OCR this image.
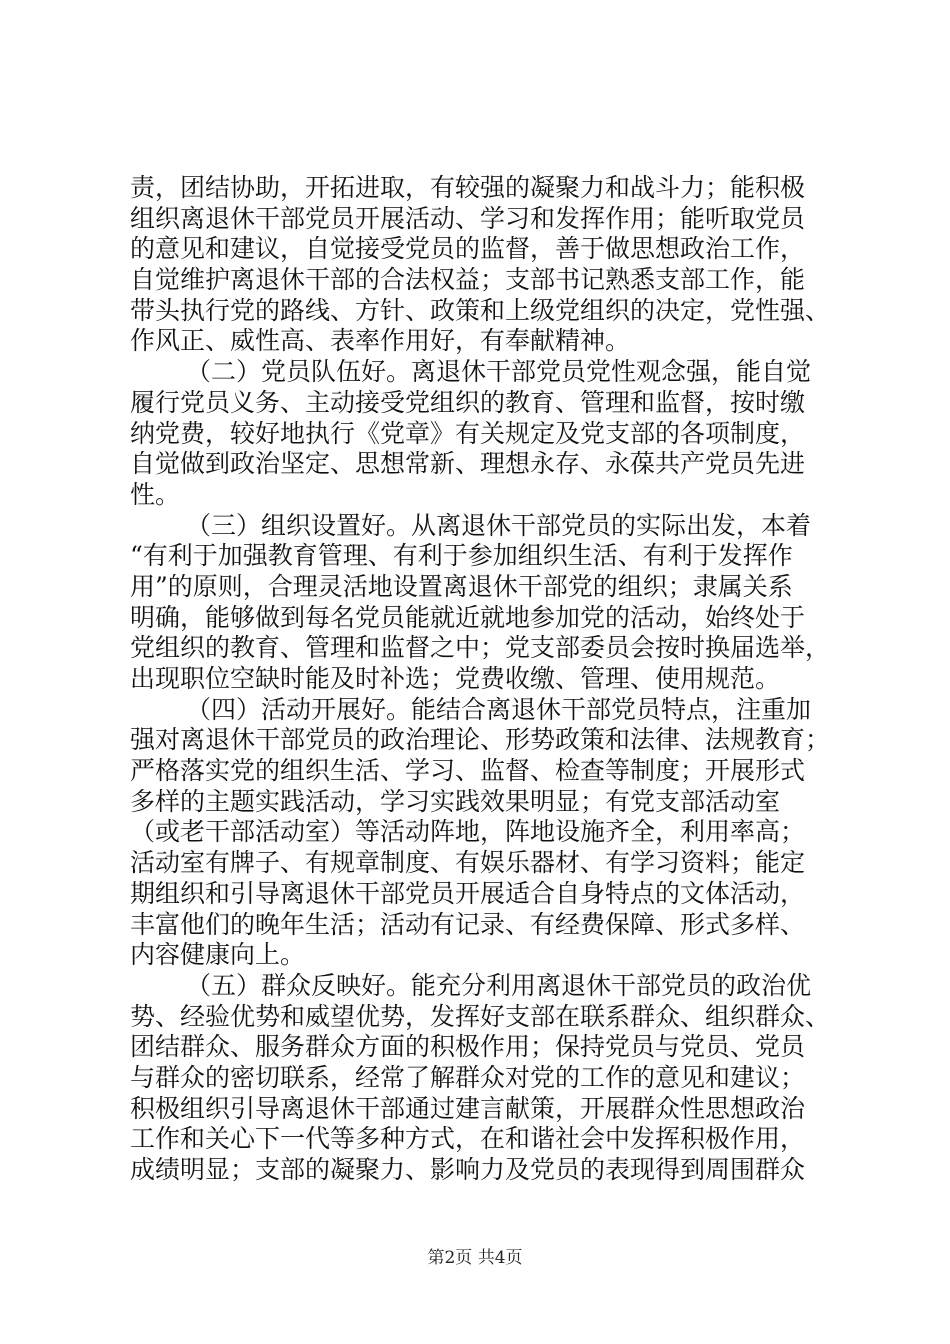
责，团结协助，开拓进取，有较强的凝聚力和战斗力；能积极
组织离退休干部党员开展活动、学习和发挥作用；能听取党员
的意见和建议，自觉接受党员的监督，善于做思想政治工作，
自觉维护离退休干部的合法权益；支部书记熟悉支部工作，能
带头执行党的路线、方针、政策和上级党组织的决定，党性强、
作风正、威性高、表率作用好，有奉献精神。
（二）党员队伍好。离退休干部党员党性观念强，能自觉
履行党员义务、主动接受党组织的教育、管理和监督，按时缴
纳党费，较好地执行《党章》有关规定及党支部的各项制度，
自觉做到政治坚定、思想常新、理想永存、永葆共产党员先进
性。
（三）组织设置好。从离退休干部党员的实际出发，本着
“有利于加强教育管理、有利于参加组织生活、有利于发挥作
用”的原则，合理灵活地设置离退休干部党的组织；隶属关系
明确，能够做到每名党员能就近就地参加党的活动，始终处于
党组织的教育、管理和监督之中；党支部委员会按时换届选举，
出现职位空缺时能及时补选；党费收缴、管理、使用规范。
（四）活动开展好。能结合离退休干部党员特点，注重加
强对离退休干部党员的政治理论、形势政策和法律、法规教育；
严格落实党的组织生活、学习、监督、检查等制度；开展形式
多样的主题实践活动，学习实践效果明显；有党支部活动室
（或老干部活动室）等活动阵地，阵地设施齐全，利用率高；
活动室有牌子、有规章制度、有娱乐器材、有学习资料；能定
期组织和引导离退休干部党员开展适合自身特点的文体活动，
丰富他们的晚年生活；活动有记录、有经费保障、形式多样、
内容健康向上。
（五）群众反映好。能充分利用离退休干部党员的政治优
势、经验优势和威望优势，发挥好支部在联系群众、组织群众、
团结群众、服务群众方面的积极作用；保持党员与党员、党员
与群众的密切联系，经常了解群众对党的工作的意见和建议；
积极组织引导离退休干部通过建言献策，开展群众性思想政治
工作和关心下一代等多种方式，在和谐社会中发挥积极作用，
成绩明显；支部的凝聚力、影响力及党员的表现得到周围群众
第2页 共4页
